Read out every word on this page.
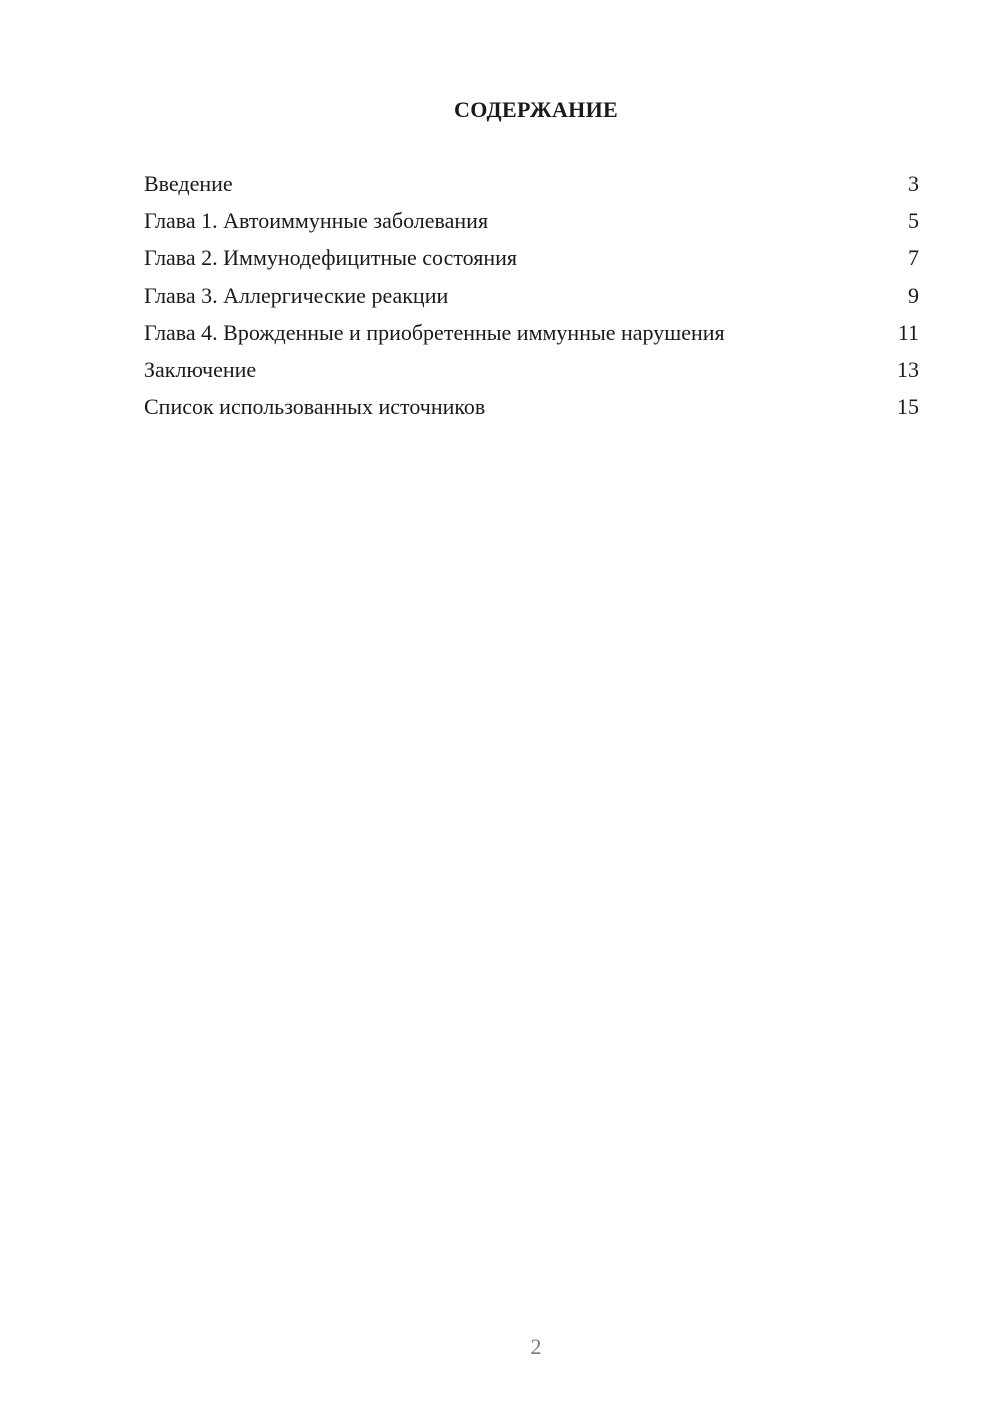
СОДЕРЖАНИЕ
Введение	3
Глава 1. Автоиммунные заболевания	5
Глава 2. Иммунодефицитные состояния	7
Глава 3. Аллергические реакции	9
Глава 4. Врожденные и приобретенные иммунные нарушения	11
Заключение	13
Список использованных источников	15
2
